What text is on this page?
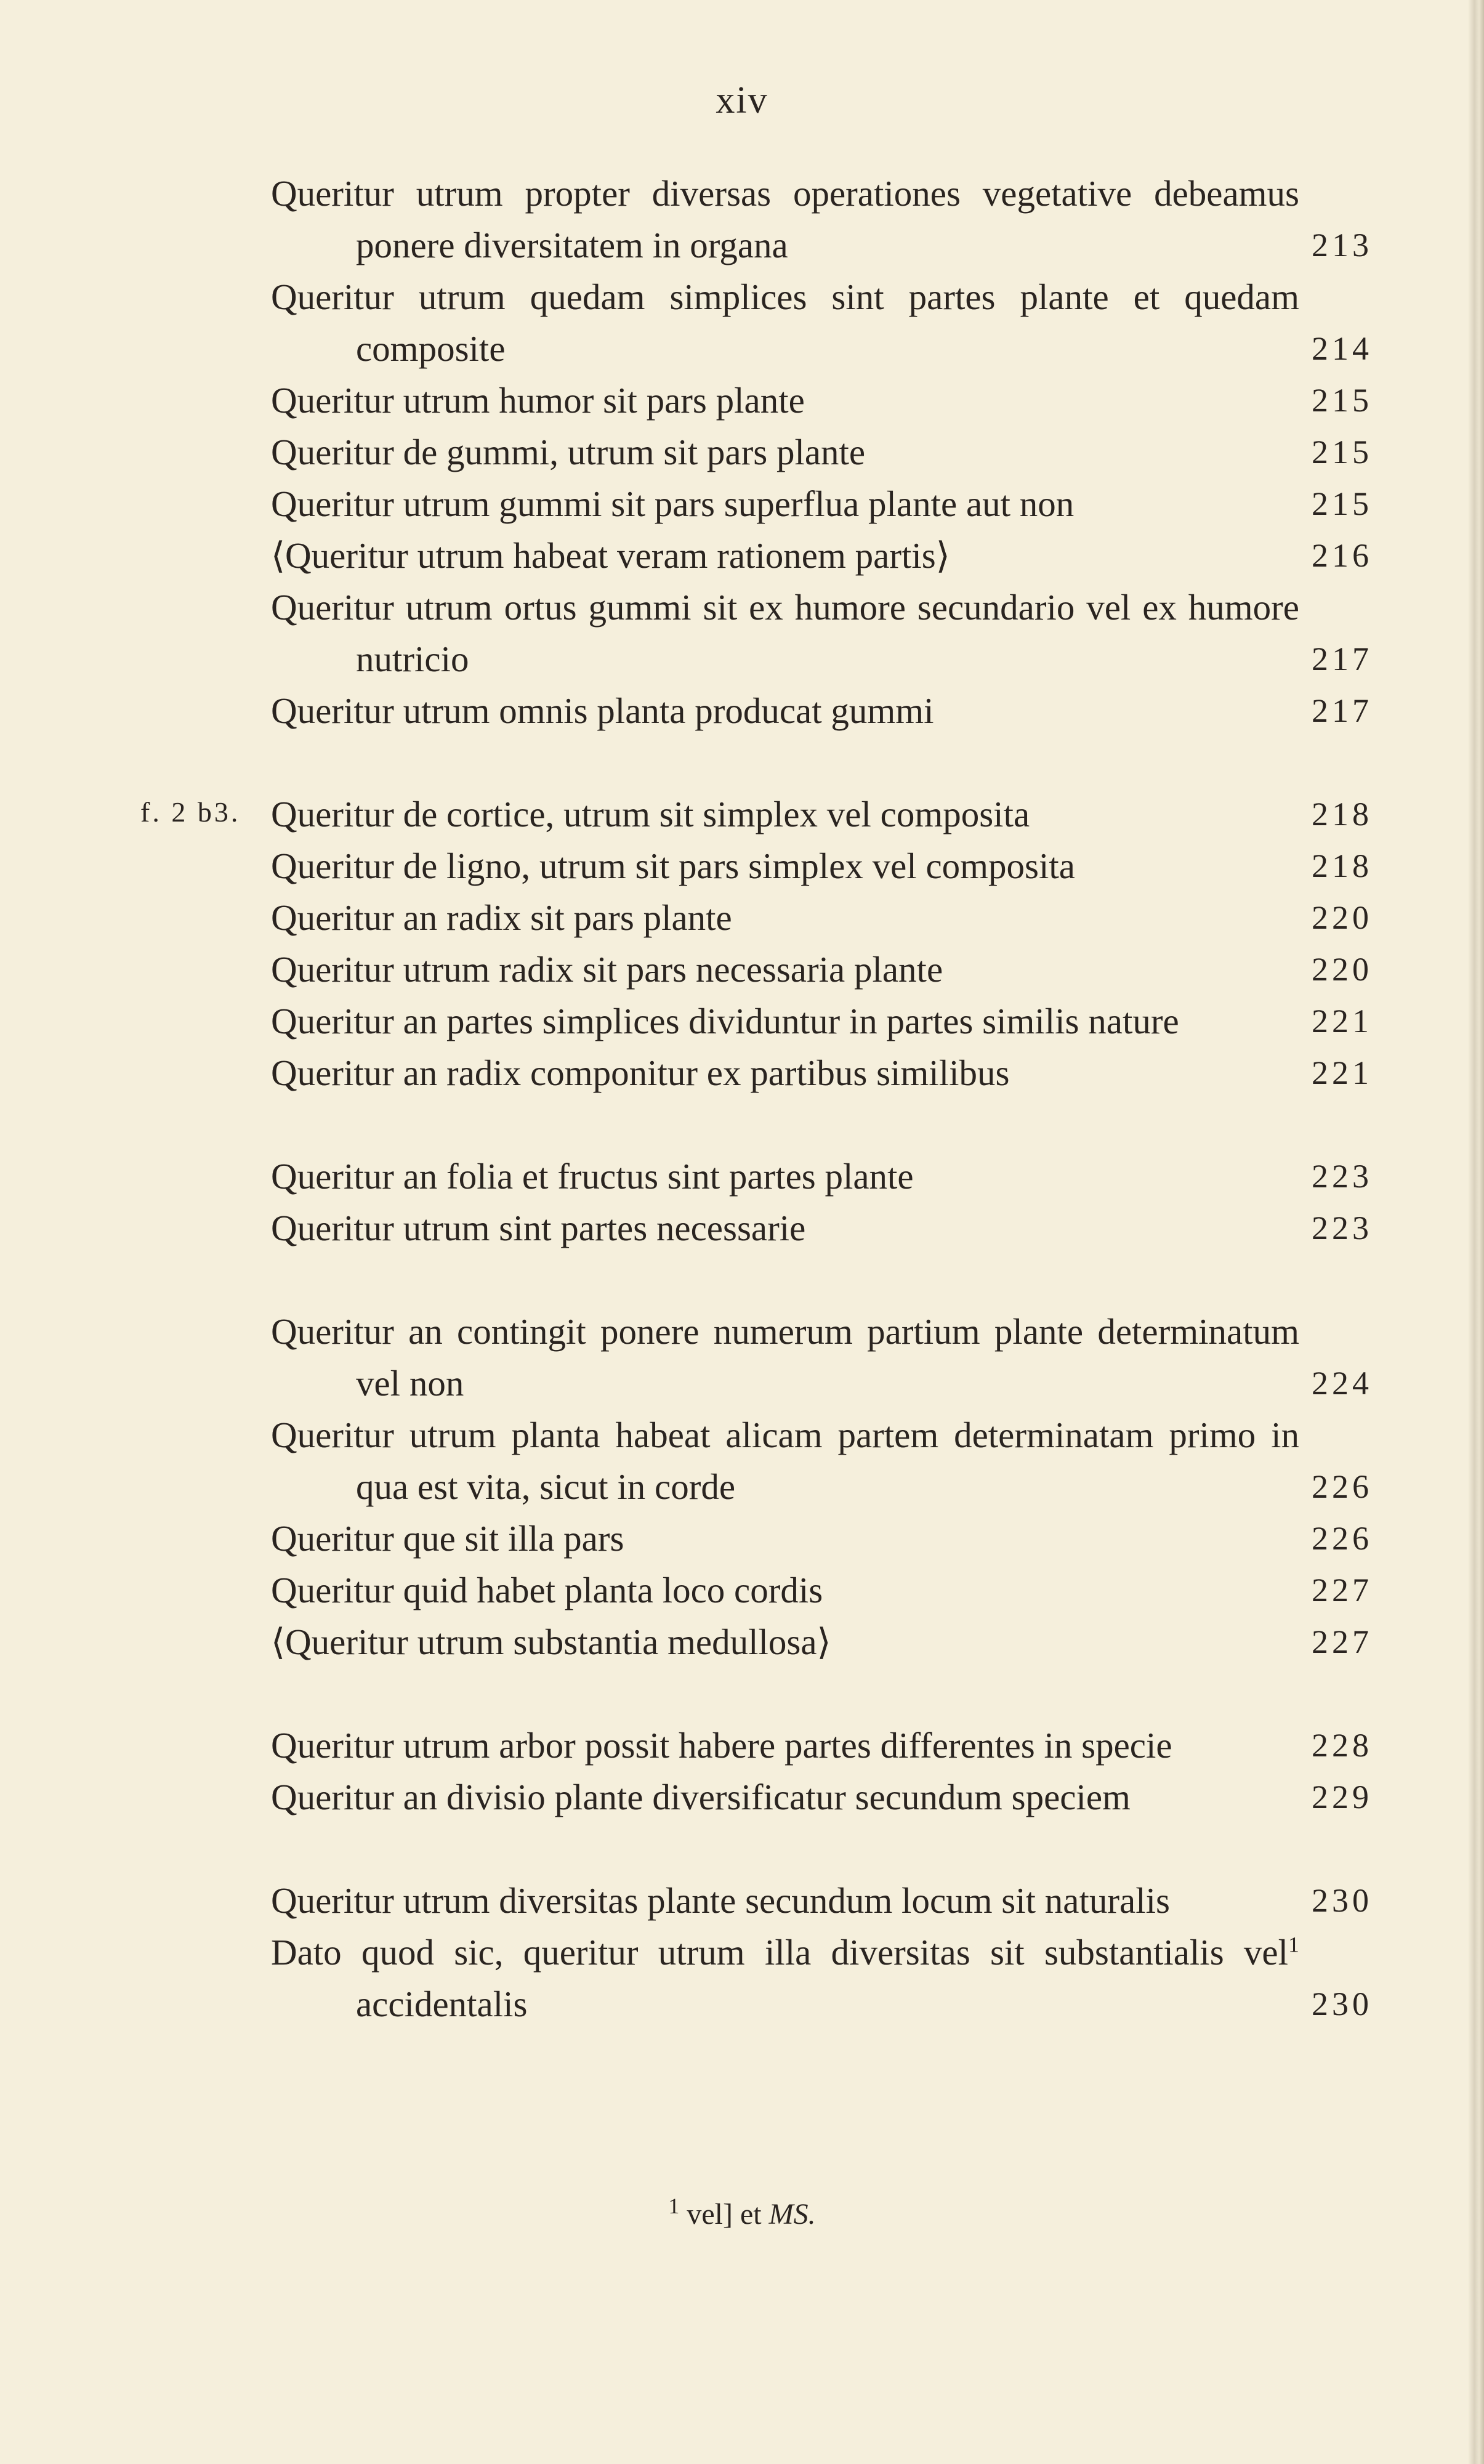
xiv
f. 2 b3.
Queritur utrum propter diversas operationes vegetative debeamus ponere diversitatem in organa	213
Queritur utrum quedam simplices sint partes plante et quedam composite	214
Queritur utrum humor sit pars plante	215
Queritur de gummi, utrum sit pars plante	215
Queritur utrum gummi sit pars superflua plante aut non	215
⟨Queritur utrum habeat veram rationem partis⟩	216
Queritur utrum ortus gummi sit ex humore secundario vel ex humore nutricio	217
Queritur utrum omnis planta producat gummi	217
Queritur de cortice, utrum sit simplex vel composita	218
Queritur de ligno, utrum sit pars simplex vel composita	218
Queritur an radix sit pars plante	220
Queritur utrum radix sit pars necessaria plante	220
Queritur an partes simplices dividuntur in partes similis nature	221
Queritur an radix componitur ex partibus similibus	221
Queritur an folia et fructus sint partes plante	223
Queritur utrum sint partes necessarie	223
Queritur an contingit ponere numerum partium plante determinatum vel non	224
Queritur utrum planta habeat alicam partem determinatam primo in qua est vita, sicut in corde	226
Queritur que sit illa pars	226
Queritur quid habet planta loco cordis	227
⟨Queritur utrum substantia medullosa⟩	227
Queritur utrum arbor possit habere partes differentes in specie	228
Queritur an divisio plante diversificatur secundum speciem	229
Queritur utrum diversitas plante secundum locum sit naturalis	230
Dato quod sic, queritur utrum illa diversitas sit substantialis vel$^1$ accidentalis	230
$^1$ vel] et MS.
